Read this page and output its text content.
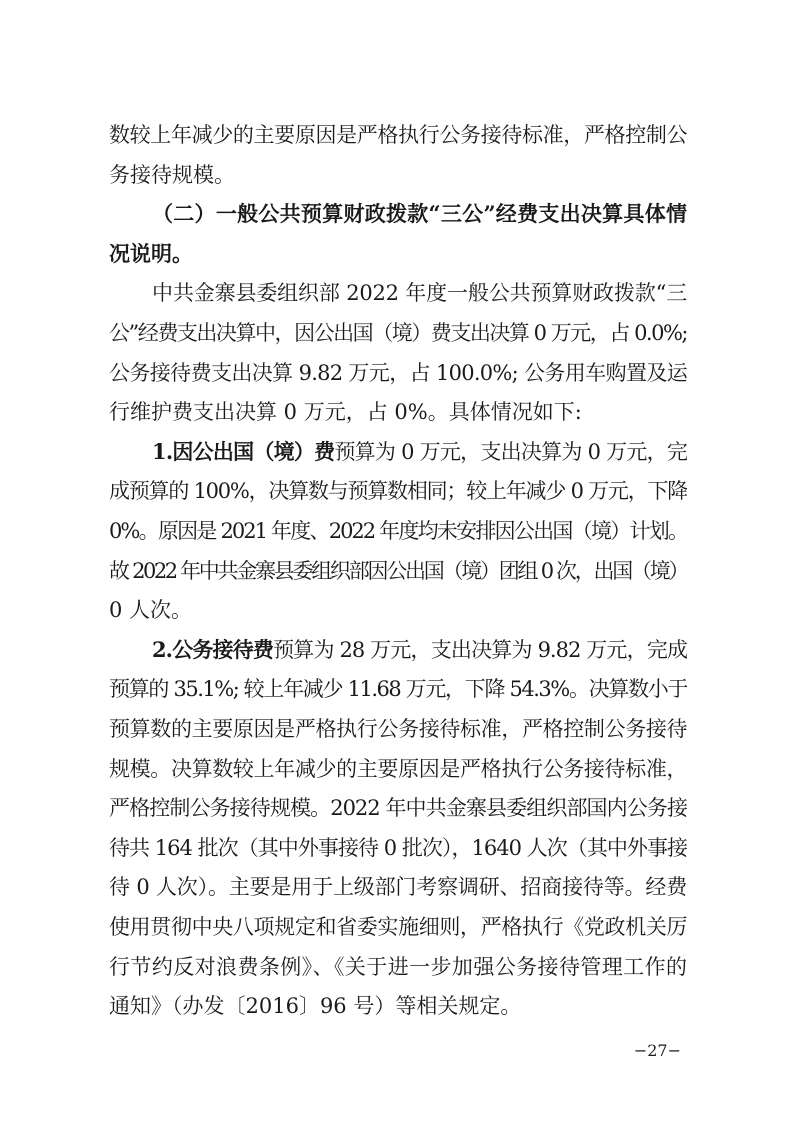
数较上年减少的主要原因是严格执行公务接待标准，严格控制公
务接待规模。
（二）一般公共预算财政拨款“三公”经费支出决算具体情
况说明。
中共金寨县委组织部 2022 年度一般公共预算财政拨款“三
公”经费支出决算中，因公出国（境）费支出决算 0 万元，占 0.0%;
公务接待费支出决算 9.82 万元，占 100.0%; 公务用车购置及运
行维护费支出决算 0 万元，占 0%。具体情况如下:
1.因公出国（境）费预算为 0 万元，支出决算为 0 万元，完
成预算的 100%，决算数与预算数相同；较上年减少 0 万元，下降
0%。原因是 2021 年度、2022 年度均未安排因公出国（境）计划。
故 2022 年中共金寨县委组织部因公出国（境）团组 0 次，出国（境）
0 人次。
2.公务接待费预算为 28 万元，支出决算为 9.82 万元，完成
预算的 35.1%; 较上年减少 11.68 万元，下降 54.3%。决算数小于
预算数的主要原因是严格执行公务接待标准，严格控制公务接待
规模。决算数较上年减少的主要原因是严格执行公务接待标准，
严格控制公务接待规模。2022 年中共金寨县委组织部国内公务接
待共 164 批次（其中外事接待 0 批次），1640 人次（其中外事接
待 0 人次）。主要是用于上级部门考察调研、招商接待等。经费
使用贯彻中央八项规定和省委实施细则，严格执行《党政机关厉
行节约反对浪费条例》、《关于进一步加强公务接待管理工作的
通知》（办发〔2016〕96 号）等相关规定。
−27−
